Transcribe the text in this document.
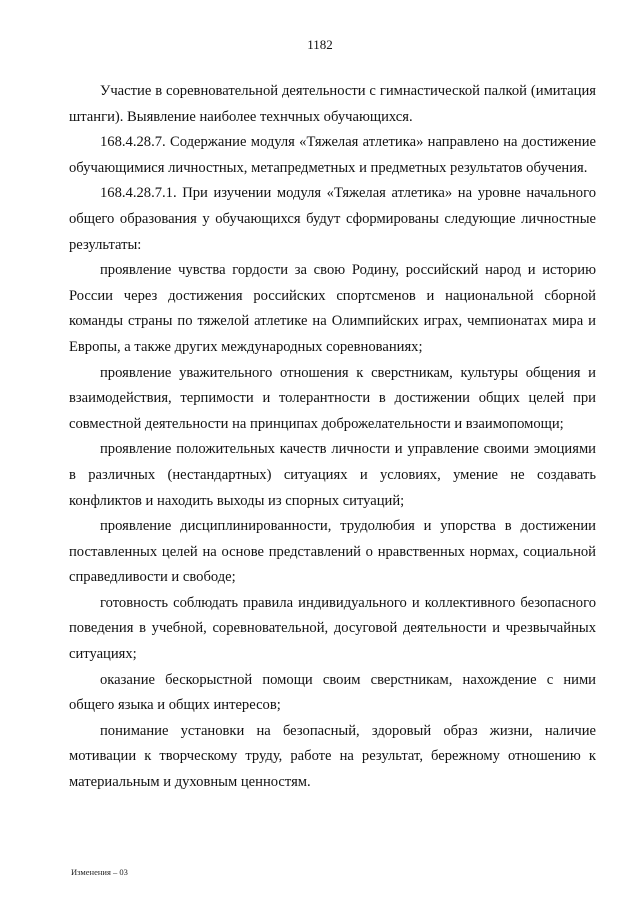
1182

Участие в соревновательной деятельности с гимнастической палкой (имитация штанги). Выявление наиболее технчных обучающихся.

168.4.28.7. Содержание модуля «Тяжелая атлетика» направлено на достижение обучающимися личностных, метапредметных и предметных результатов обучения.

168.4.28.7.1. При изучении модуля «Тяжелая атлетика» на уровне начального общего образования у обучающихся будут сформированы следующие личностные результаты:

проявление чувства гордости за свою Родину, российский народ и историю России через достижения российских спортсменов и национальной сборной команды страны по тяжелой атлетике на Олимпийских играх, чемпионатах мира и Европы, а также других международных соревнованиях;

проявление уважительного отношения к сверстникам, культуры общения и взаимодействия, терпимости и толерантности в достижении общих целей при совместной деятельности на принципах доброжелательности и взаимопомощи;

проявление положительных качеств личности и управление своими эмоциями в различных (нестандартных) ситуациях и условиях, умение не создавать конфликтов и находить выходы из спорных ситуаций;

проявление дисциплинированности, трудолюбия и упорства в достижении поставленных целей на основе представлений о нравственных нормах, социальной справедливости и свободе;

готовность соблюдать правила индивидуального и коллективного безопасного поведения в учебной, соревновательной, досуговой деятельности и чрезвычайных ситуациях;

оказание бескорыстной помощи своим сверстникам, нахождение с ними общего языка и общих интересов;

понимание установки на безопасный, здоровый образ жизни, наличие мотивации к творческому труду, работе на результат, бережному отношению к материальным и духовным ценностям.

Изменения – 03
